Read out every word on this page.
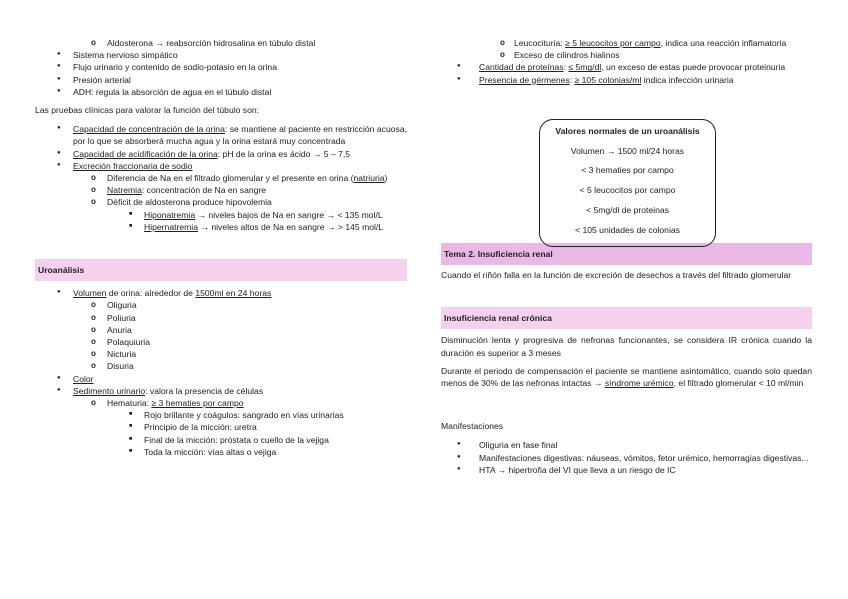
o Aldosterona → reabsorción hidrosalina en túbulo distal
● Sistema nervioso simpático
● Flujo urinario y contenido de sodio-potasio en la orina
● Presión arterial
● ADH: regula la absorción de agua en el túbulo distal

Las pruebas clínicas para valorar la función del túbulo son:

● Capacidad de concentración de la orina: se mantiene al paciente en restricción acuosa, por lo que se absorberá mucha agua y la orina estará muy concentrada
● Capacidad de acidificación de la orina: pH de la orina es ácido → 5 – 7,5
● Excreción fraccionaria de sodio
o Diferencia de Na en el filtrado glomerular y el presente en orina (natriuria)
o Natremia: concentración de Na en sangre
o Déficit de aldosterona produce hipovolemia
■ Hiponatremia → niveles bajos de Na en sangre → < 135 mol/L
■ Hipernatremia → niveles altos de Na en sangre → > 145 mol/L
Uroanálisis
● Volumen de orina: alrededor de 1500ml en 24 horas
o Oliguria
o Poliuria
o Anuria
o Polaquiuria
o Nicturia
o Disuria
● Color
● Sedimento urinario: valora la presencia de células
o Hematuria: ≥ 3 hematies por campo
■ Rojo brillante y coágulos: sangrado en vías urinarias
■ Principio de la micción: uretra
■ Final de la micción: próstata o cuello de la vejiga
■ Toda la micción: vías altas o vejiga
o Leucocituria: ≥ 5 leucocitos por campo, indica una reacción inflamatoria
o Exceso de cilindros hialinos
● Cantidad de proteínas: ≤ 5mg/dl, un exceso de estas puede provocar proteinuria
● Presencia de gérmenes: ≥ 105 colonias/ml indica infección urinaria
Tema 2. Insuficiencia renal

Cuando el riñón falla en la función de excreción de desechos a través del filtrado glomerular

Insuficiencia renal crónica

Disminución lenta y progresiva de nefronas funcionantes, se considera IR crónica cuando la duración es superior a 3 meses

Durante el periodo de compensación el paciente se mantiene asintomático, cuando solo quedan menos de 30% de las nefronas intactas → síndrome urémico, el filtrado glomerular < 10 ml/min

Manifestaciones

● Oliguria en fase final
● Manifestaciones digestivas: náuseas, vómitos, fetor urémico, hemorragias digestivas...
● HTA → hipertrofia del VI que lleva a un riesgo de IC
Valores normales de un uroanálisis
Volumen → 1500 ml/24 horas
< 3 hematies por campo
< 5 leucocitos por campo
< 5mg/dl de proteinas
< 105 unidades de colonias
